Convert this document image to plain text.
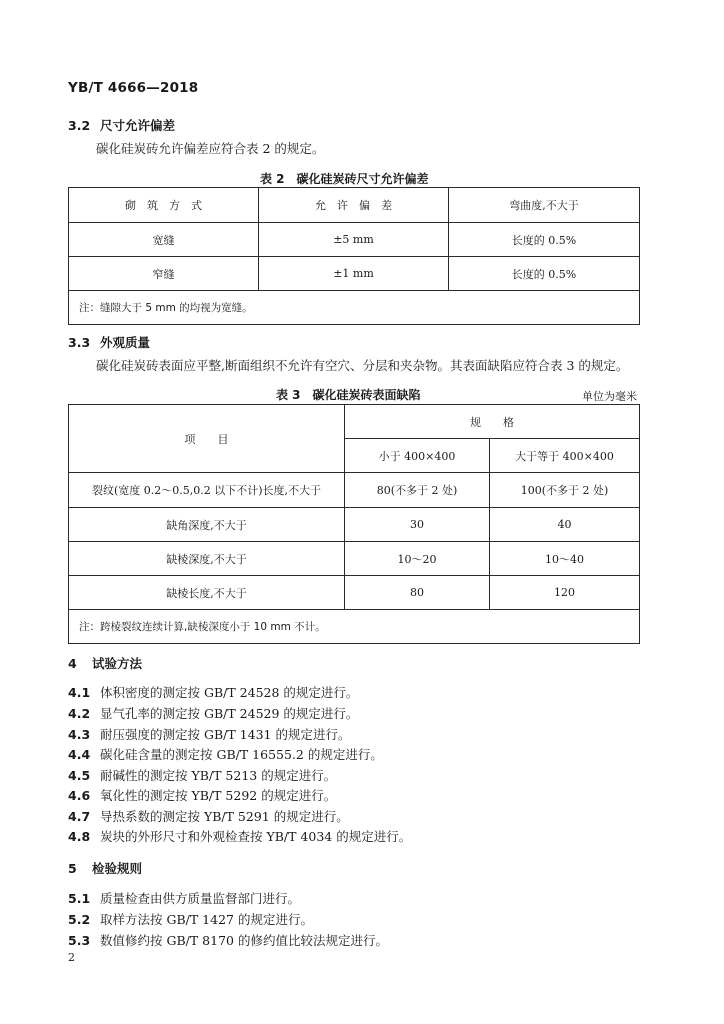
YB/T 4666—2018
3.2 尺寸允许偏差
碳化硅炭砖允许偏差应符合表 2 的规定。
表 2　碳化硅炭砖尺寸允许偏差
砌　筑　方　式	允　许　偏　差	弯曲度,不大于
宽缝	±5 mm	长度的 0.5%
窄缝	±1 mm	长度的 0.5%
注：缝隙大于 5 mm 的均视为宽缝。		
3.3 外观质量
碳化硅炭砖表面应平整,断面组织不允许有空穴、分层和夹杂物。其表面缺陷应符合表 3 的规定。
表 3　碳化硅炭砖表面缺陷	单位为毫米
项　　目	规　　格	
	小于 400×400	大于等于 400×400
裂纹(宽度 0.2～0.5,0.2 以下不计)长度,不大于	80(不多于 2 处)	100(不多于 2 处)
缺角深度,不大于	30	40
缺棱深度,不大于	10～20	10～40
缺棱长度,不大于	80	120
注：跨棱裂纹连续计算,缺棱深度小于 10 mm 不计。		
4 试验方法
4.1 体积密度的测定按 GB/T 24528 的规定进行。
4.2 显气孔率的测定按 GB/T 24529 的规定进行。
4.3 耐压强度的测定按 GB/T 1431 的规定进行。
4.4 碳化硅含量的测定按 GB/T 16555.2 的规定进行。
4.5 耐碱性的测定按 YB/T 5213 的规定进行。
4.6 氧化性的测定按 YB/T 5292 的规定进行。
4.7 导热系数的测定按 YB/T 5291 的规定进行。
4.8 炭块的外形尺寸和外观检查按 YB/T 4034 的规定进行。
5 检验规则
5.1 质量检查由供方质量监督部门进行。
5.2 取样方法按 GB/T 1427 的规定进行。
5.3 数值修约按 GB/T 8170 的修约值比较法规定进行。
2
